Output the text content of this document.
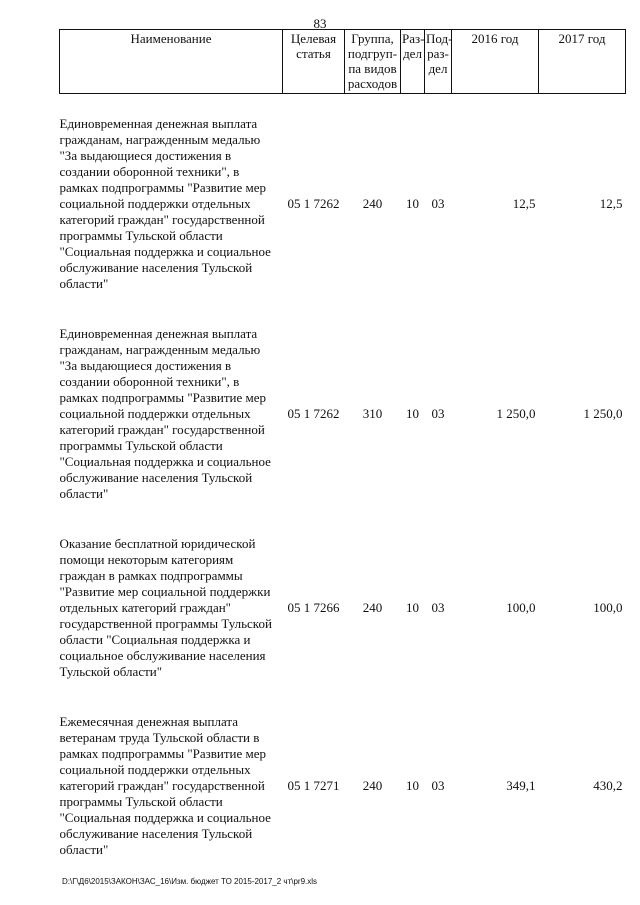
83
Наименование	Целевая статья	Группа, подгруп-па видов расходов	Раз-дел	Под-раз-дел	2016 год	2017 год

Единовременная денежная выплата гражданам, награжденным медалью "За выдающиеся достижения в создании оборонной техники", в рамках подпрограммы "Развитие мер социальной поддержки отдельных категорий граждан" государственной программы Тульской области "Социальная поддержка и социальное обслуживание населения Тульской области"	05 1 7262	240	10	03	12,5	12,5

Единовременная денежная выплата гражданам, награжденным медалью "За выдающиеся достижения в создании оборонной техники", в рамках подпрограммы "Развитие мер социальной поддержки отдельных категорий граждан" государственной программы Тульской области "Социальная поддержка и социальное обслуживание населения Тульской области"	05 1 7262	310	10	03	1 250,0	1 250,0

Оказание бесплатной юридической помощи некоторым категориям граждан в рамках подпрограммы "Развитие мер социальной поддержки отдельных категорий граждан" государственной программы Тульской области "Социальная поддержка и социальное обслуживание населения Тульской области"	05 1 7266	240	10	03	100,0	100,0

Ежемесячная денежная выплата ветеранам труда Тульской области в рамках подпрограммы "Развитие мер социальной поддержки отдельных категорий граждан" государственной программы Тульской области "Социальная поддержка и социальное обслуживание населения Тульской области"	05 1 7271	240	10	03	349,1	430,2
D:\Г\Д6\2015\ЗАКОН\ЗАС_16\Изм. бюджет ТО 2015-2017_2 чт\pr9.xls
